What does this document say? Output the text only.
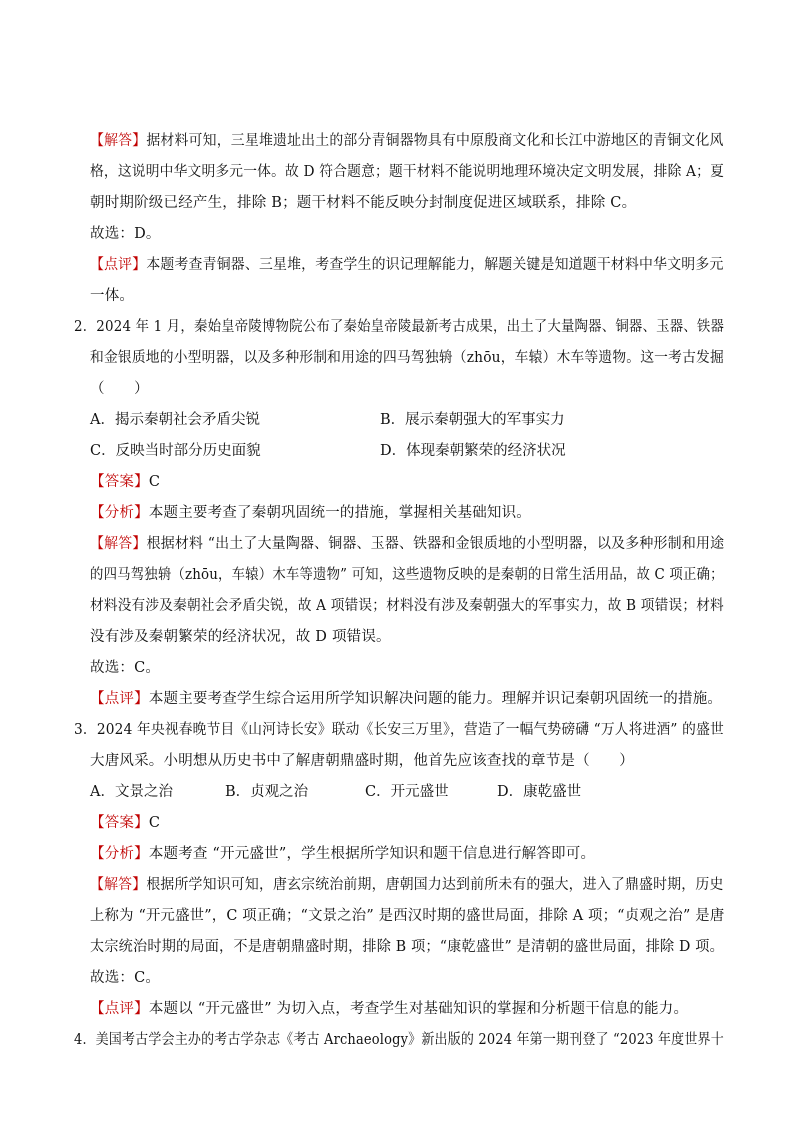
【解答】据材料可知，三星堆遗址出土的部分青铜器物具有中原殷商文化和长江中游地区的青铜文化风
格，这说明中华文明多元一体。故 D 符合题意；题干材料不能说明地理环境决定文明发展，排除 A；夏
朝时期阶级已经产生，排除 B；题干材料不能反映分封制度促进区域联系，排除 C。
故选：D。
【点评】本题考查青铜器、三星堆，考查学生的识记理解能力，解题关键是知道题干材料中华文明多元
一体。
2．2024 年 1 月，秦始皇帝陵博物院公布了秦始皇帝陵最新考古成果，出土了大量陶器、铜器、玉器、铁器
和金银质地的小型明器，以及多种形制和用途的四马驾独辀（zhōu，车辕）木车等遗物。这一考古发掘
（　　）
A．揭示秦朝社会矛盾尖锐	B．展示秦朝强大的军事实力
C．反映当时部分历史面貌	D．体现秦朝繁荣的经济状况
【答案】C
【分析】本题主要考查了秦朝巩固统一的措施，掌握相关基础知识。
【解答】根据材料 “出土了大量陶器、铜器、玉器、铁器和金银质地的小型明器，以及多种形制和用途
的四马驾独辀（zhōu，车辕）木车等遗物” 可知，这些遗物反映的是秦朝的日常生活用品，故 C 项正确；
材料没有涉及秦朝社会矛盾尖锐，故 A 项错误；材料没有涉及秦朝强大的军事实力，故 B 项错误；材料
没有涉及秦朝繁荣的经济状况，故 D 项错误。
故选：C。
【点评】本题主要考查学生综合运用所学知识解决问题的能力。理解并识记秦朝巩固统一的措施。
3．2024 年央视春晚节目《山河诗长安》联动《长安三万里》，营造了一幅气势磅礴 “万人将进酒” 的盛世
大唐风采。小明想从历史书中了解唐朝鼎盛时期，他首先应该查找的章节是（　　）
A．文景之治	B．贞观之治	C．开元盛世	D．康乾盛世
【答案】C
【分析】本题考查 “开元盛世”，学生根据所学知识和题干信息进行解答即可。
【解答】根据所学知识可知，唐玄宗统治前期，唐朝国力达到前所未有的强大，进入了鼎盛时期，历史
上称为 “开元盛世”，C 项正确；“文景之治” 是西汉时期的盛世局面，排除 A 项；“贞观之治” 是唐
太宗统治时期的局面，不是唐朝鼎盛时期，排除 B 项；“康乾盛世” 是清朝的盛世局面，排除 D 项。
故选：C。
【点评】本题以 “开元盛世” 为切入点，考查学生对基础知识的掌握和分析题干信息的能力。
4．美国考古学会主办的考古学杂志《考古 Archaeology》新出版的 2024 年第一期刊登了 “2023 年度世界十
